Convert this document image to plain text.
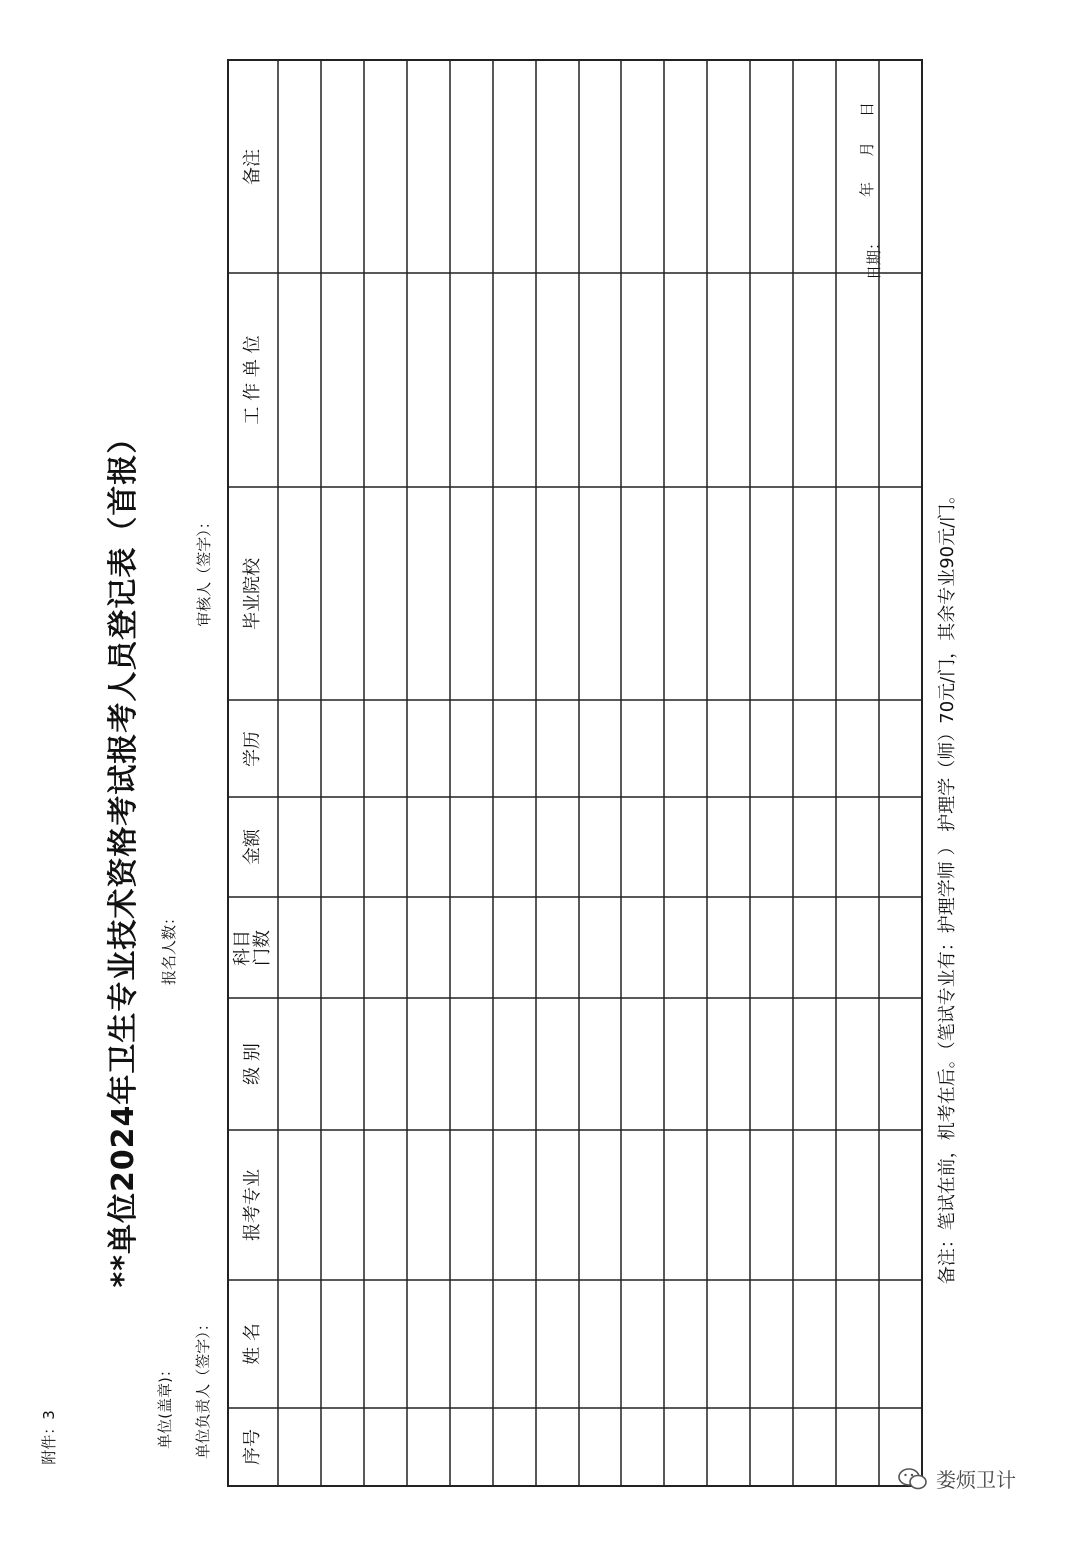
附件：3	单位(盖章)： 单位负责人（签字）：
报名人数：
审核人（签字）：
**单位2024年卫生专业技术资格考试报考人员登记表（首报）
序号
姓 名
报考专业
级 别
科目
门数
金额
学历
毕业院校
工 作 单 位
备注
备注：笔试在前，机考在后。（笔试专业有：护理学师 ） 护理学（师）70元/门，其余专业90元/门。
娄烦卫计
